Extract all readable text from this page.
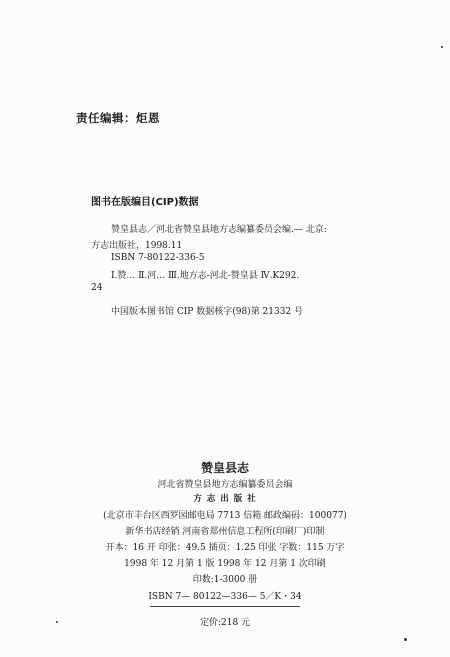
责任编辑：炬恩
图书在版编目(CIP)数据
赞皇县志／河北省赞皇县地方志编纂委员会编.— 北京:
方志出版社，1998.11
ISBN 7-80122-336-5
Ⅰ.赞… Ⅱ.河… Ⅲ.地方志-河北-赞皇县 Ⅳ.K292.
24
中国版本图书馆 CIP 数据核字(98)第 21332 号
赞皇县志
河北省赞皇县地方志编纂委员会编
方 志 出 版 社
(北京市丰台区西罗园邮电局 7713 信箱 邮政编码：100077)
新华书店经销 河南省郑州信息工程所(印刷厂)印制
开本：16 开 印张：49.5 插页：1.25 印张 字数：115 万字
1998 年 12 月第 1 版 1998 年 12 月第 1 次印刷
印数:1-3000 册
ISBN 7— 80122—336— 5／K・34
定价:218 元
